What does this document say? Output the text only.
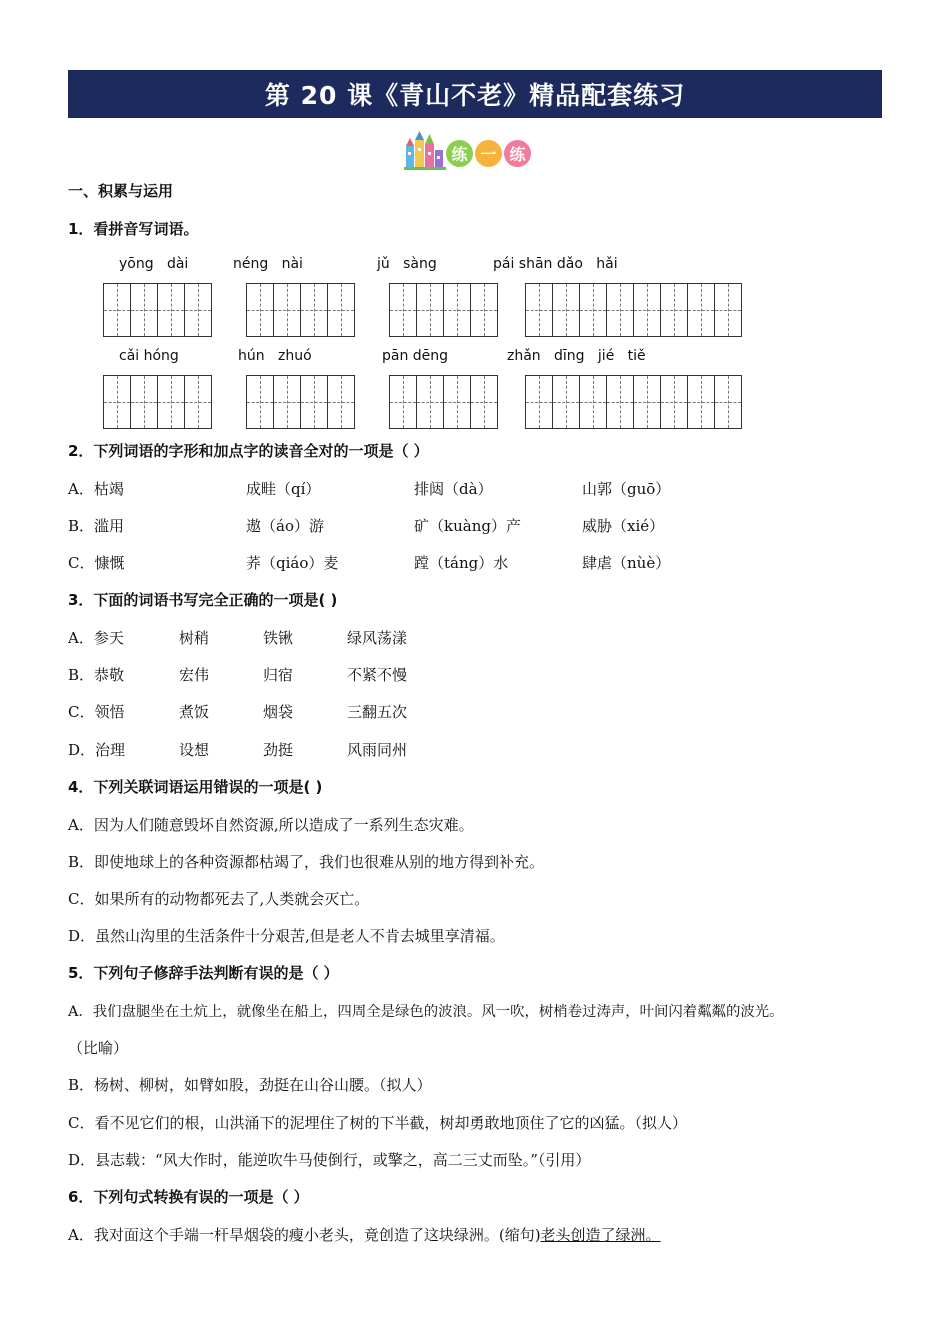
第 20 课《青山不老》精品配套练习
练 一 练
一、积累与运用
1．看拼音写词语。
yōng   dài	néng   nài	jǔ   sàng	pái shān dǎo   hǎi
cǎi hóng	hún   zhuó	pān dēng	zhǎn   dīng   jié   tiě
2．下列词语的字形和加点字的读音全对的一项是（ ）
A．枯竭	成畦（qí）	排闼（dà）	山郭（guō）
B．滥用	遨（áo）游	矿（kuàng）产	威胁（xié）
C．慷慨	荞（qiáo）麦	蹚（táng）水	肆虐（nùè）
3．下面的词语书写完全正确的一项是( )
A．参天	树稍	铁锹	绿风荡漾
B．恭敬	宏伟	归宿	不紧不慢
C．领悟	煮饭	烟袋	三翻五次
D．治理	设想	劲挺	风雨同州
4．下列关联词语运用错误的一项是( )
A．因为人们随意毁坏自然资源,所以造成了一系列生态灾难。
B．即使地球上的各种资源都枯竭了，我们也很难从别的地方得到补充。
C．如果所有的动物都死去了,人类就会灭亡。
D．虽然山沟里的生活条件十分艰苦,但是老人不肯去城里享清福。
5．下列句子修辞手法判断有误的是（ ）
A．我们盘腿坐在土炕上，就像坐在船上，四周全是绿色的波浪。风一吹，树梢卷过涛声，叶间闪着粼粼的波光。
（比喻）
B．杨树、柳树，如臂如股，劲挺在山谷山腰。（拟人）
C．看不见它们的根，山洪涌下的泥埋住了树的下半截，树却勇敢地顶住了它的凶猛。（拟人）
D．县志载：“风大作时，能逆吹牛马使倒行，或擎之，高二三丈而坠。”（引用）
6．下列句式转换有误的一项是（ ）
A．我对面这个手端一杆旱烟袋的瘦小老头，竟创造了这块绿洲。(缩句)老头创造了绿洲。
